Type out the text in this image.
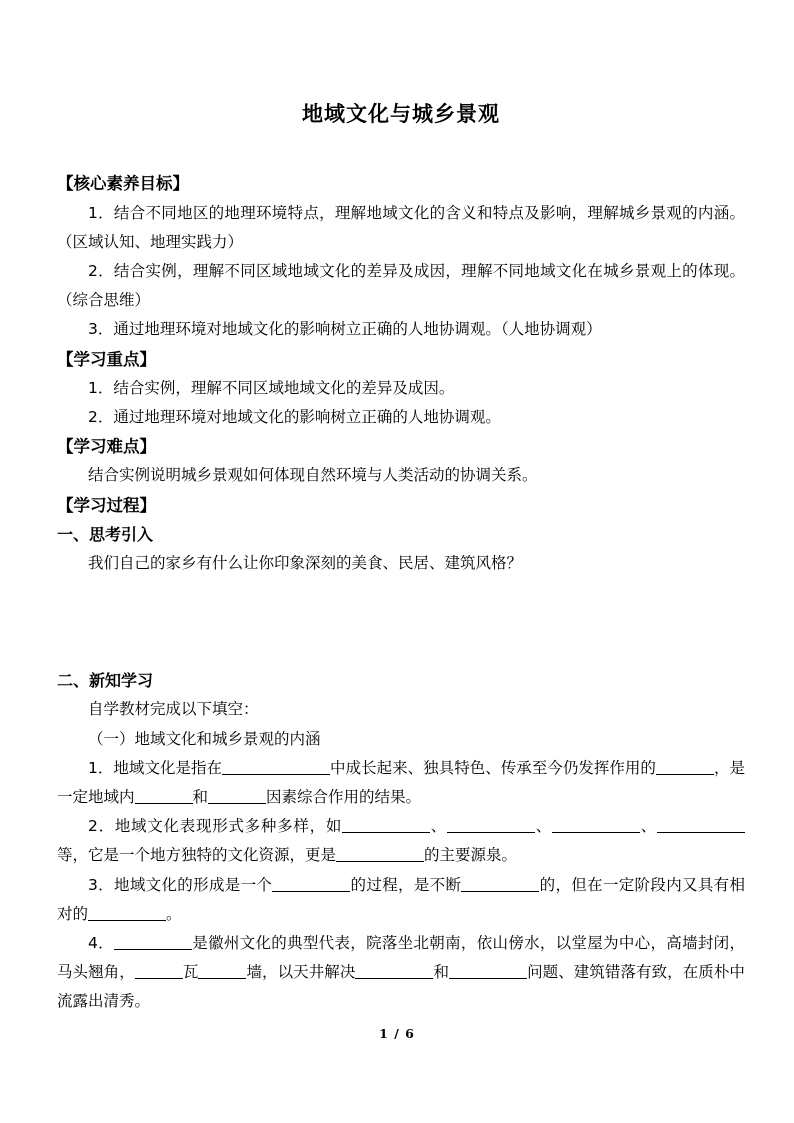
地域文化与城乡景观

【核心素养目标】

1．结合不同地区的地理环境特点，理解地域文化的含义和特点及影响，理解城乡景观的内涵。（区域认知、地理实践力）

2．结合实例，理解不同区域地域文化的差异及成因，理解不同地域文化在城乡景观上的体现。（综合思维）

3．通过地理环境对地域文化的影响树立正确的人地协调观。（人地协调观）

【学习重点】

1．结合实例，理解不同区域地域文化的差异及成因。

2．通过地理环境对地域文化的影响树立正确的人地协调观。

【学习难点】

结合实例说明城乡景观如何体现自然环境与人类活动的协调关系。

【学习过程】

一、思考引入

我们自己的家乡有什么让你印象深刻的美食、民居、建筑风格？

二、新知学习

自学教材完成以下填空：

（一）地域文化和城乡景观的内涵

1．地域文化是指在	中成长起来、独具特色、传承至今仍发挥作用的	，是一定地域内	和	因素综合作用的结果。

2．地域文化表现形式多种多样，如	、	、	、等，它是一个地方独特的文化资源，更是	的主要源泉。

3．地域文化的形成是一个	的过程，是不断	的，但在一定阶段内又具有相对的	。

4．	是徽州文化的典型代表，院落坐北朝南，依山傍水，以堂屋为中心，高墙封闭，马头翘角，	瓦	墙，以天井解决	和	问题、建筑错落有致，在质朴中流露出清秀。

1 / 6
